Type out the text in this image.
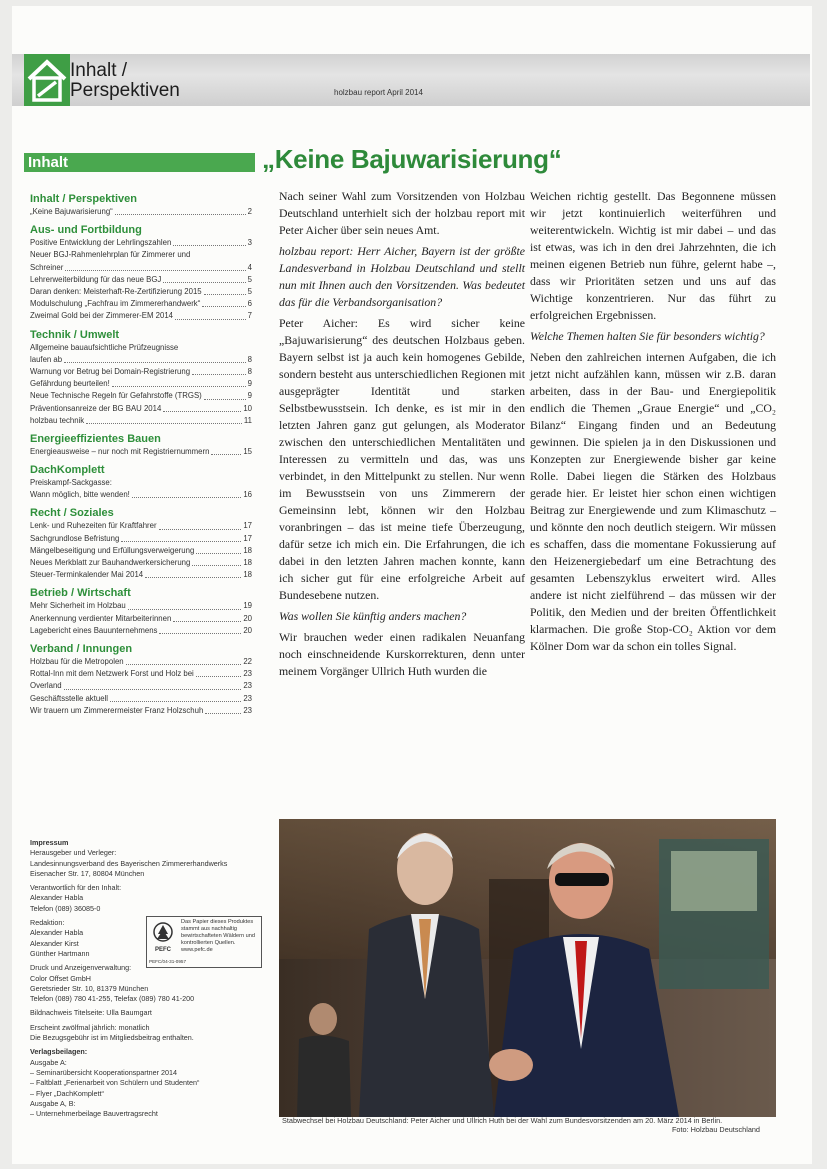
Inhalt /
Perspektiven	holzbau report April 2014
Inhalt
Inhalt / Perspektiven
„Keine Bajuwarisierung“	2
Aus- und Fortbildung
Positive Entwicklung der Lehrlingszahlen	3
Neuer BGJ-Rahmenlehrplan für Zimmerer und
Schreiner	4
Lehrerweiterbildung für das neue BGJ	5
Daran denken: Meisterhaft-Re-Zertifizierung 2015	5
Modulschulung „Fachfrau im Zimmererhandwerk“	6
Zweimal Gold bei der Zimmerer-EM 2014	7
Technik / Umwelt
Allgemeine bauaufsichtliche Prüfzeugnisse
laufen ab	8
Warnung vor Betrug bei Domain-Registrierung	8
Gefährdung beurteilen!	9
Neue Technische Regeln für Gefahrstoffe (TRGS)	9
Präventionsanreize der BG BAU 2014	10
holzbau technik	11
Energieeffizientes Bauen
Energieausweise – nur noch mit Registriernummern	15
DachKomplett
Preiskampf-Sackgasse:
Wann möglich, bitte wenden!	16
Recht / Soziales
Lenk- und Ruhezeiten für Kraftfahrer	17
Sachgrundlose Befristung	17
Mängelbeseitigung und Erfüllungsverweigerung	18
Neues Merkblatt zur Bauhandwerkersicherung	18
Steuer-Terminkalender Mai 2014	18
Betrieb / Wirtschaft
Mehr Sicherheit im Holzbau	19
Anerkennung verdienter Mitarbeiterinnen	20
Lagebericht eines Bauunternehmens	20
Verband / Innungen
Holzbau für die Metropolen	22
Rottal-Inn mit dem Netzwerk Forst und Holz bei	23
Overland	23
Geschäftsstelle aktuell	23
Wir trauern um Zimmerermeister Franz Holzschuh	23
Impressum
Herausgeber und Verleger:
Landesinnungsverband des Bayerischen Zimmererhandwerks
Eisenacher Str. 17, 80804 München
Verantwortlich für den Inhalt:
Alexander Habla
Telefon (089) 36085-0
Redaktion:
Alexander Habla
Alexander Kirst
Günther Hartmann
Druck und Anzeigenverwaltung:
Color Offset GmbH
Geretsrieder Str. 10, 81379 München
Telefon (089) 780 41-255, Telefax (089) 780 41-200
Bildnachweis Titelseite: Ulla Baumgart
Erscheint zwölfmal jährlich: monatlich
Die Bezugsgebühr ist im Mitgliedsbeitrag enthalten.
Verlagsbeilagen:
Ausgabe A:
– Seminarübersicht Kooperationspartner 2014
– Faltblatt „Ferienarbeit von Schülern und Studenten“
– Flyer „DachKomplett“
Ausgabe A, B:
– Unternehmerbeilage Bauvertragsrecht
PEFC
Das Papier dieses Produktes stammt aus nachhaltig bewirtschafteten Wäldern und kontrollierten Quellen. www.pefc.de
PEFC/04-31-0957
„Keine Bajuwarisierung“

Nach seiner Wahl zum Vorsitzenden von Holzbau Deutschland unterhielt sich der holzbau report mit Peter Aicher über sein neues Amt.

holzbau report: Herr Aicher, Bayern ist der größte Landesverband in Holzbau Deutschland und stellt nun mit Ihnen auch den Vorsitzenden. Was bedeutet das für die Verbandsorganisation?

Peter Aicher: Es wird sicher keine „Bajuwarisierung“ des deutschen Holzbaus geben. Bayern selbst ist ja auch kein homogenes Gebilde, sondern besteht aus unterschiedlichen Regionen mit ausgeprägter Identität und starken Selbstbewusstsein. Ich denke, es ist mir in den letzten Jahren ganz gut gelungen, als Moderator zwischen den unterschiedlichen Mentalitäten und Interessen zu vermitteln und das, was uns verbindet, in den Mittelpunkt zu stellen. Nur wenn im Bewusstsein von uns Zimmerern der Gemeinsinn lebt, können wir den Holzbau voranbringen – das ist meine tiefe Überzeugung, dafür setze ich mich ein. Die Erfahrungen, die ich dabei in den letzten Jahren machen konnte, kann ich sicher gut für eine erfolgreiche Arbeit auf Bundesebene nutzen.

Was wollen Sie künftig anders machen?

Wir brauchen weder einen radikalen Neuanfang noch einschneidende Kurskorrekturen, denn unter meinem Vorgänger Ullrich Huth wurden die

Weichen richtig gestellt. Das Begonnene müssen wir jetzt kontinuierlich weiterführen und weiterentwickeln. Wichtig ist mir dabei – und das ist etwas, was ich in den drei Jahrzehnten, die ich meinen eigenen Betrieb nun führe, gelernt habe –, dass wir Prioritäten setzen und uns auf das Wichtige konzentrieren. Nur das führt zu erfolgreichen Ergebnissen.

Welche Themen halten Sie für besonders wichtig?

Neben den zahlreichen internen Aufgaben, die ich jetzt nicht aufzählen kann, müssen wir z.B. daran arbeiten, dass in der Bau- und Energiepolitik endlich die Themen „Graue Energie“ und „CO₂ Bilanz“ Eingang finden und an Bedeutung gewinnen. Die spielen ja in den Diskussionen und Konzepten zur Energiewende bisher gar keine Rolle. Dabei liegen die Stärken des Holzbaus gerade hier. Er leistet hier schon einen wichtigen Beitrag zur Energiewende und zum Klimaschutz – und könnte den noch deutlich steigern. Wir müssen es schaffen, dass die momentane Fokussierung auf den Heizenergiebedarf um eine Betrachtung des gesamten Lebenszyklus erweitert wird. Alles andere ist nicht zielführend – das müssen wir der Politik, den Medien und der breiten Öffentlichkeit klarmachen. Die große Stop-CO₂ Aktion vor dem Kölner Dom war da schon ein tolles Signal.

Stabwechsel bei Holzbau Deutschland: Peter Aicher und Ullrich Huth bei der Wahl zum Bundesvorsitzenden am 20. März 2014 in Berlin.
Foto: Holzbau Deutschland
